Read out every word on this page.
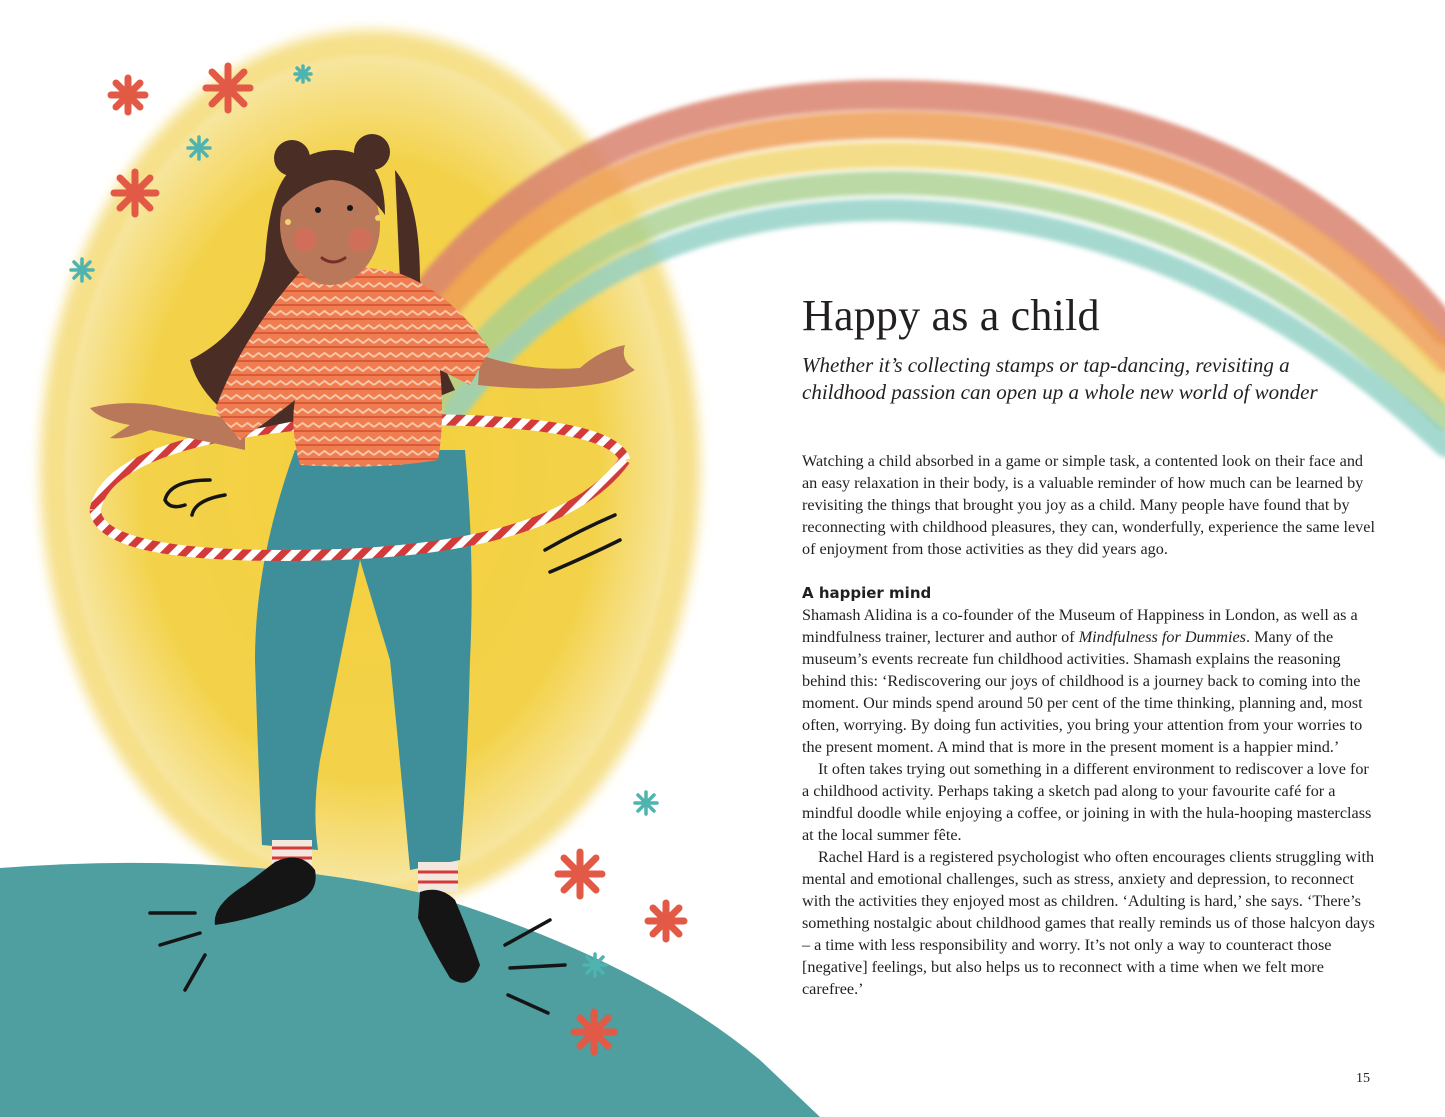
Happy as a child

Whether it’s collecting stamps or tap-dancing, revisiting a childhood passion can open up a whole new world of wonder

Watching a child absorbed in a game or simple task, a contented look on their face and an easy relaxation in their body, is a valuable reminder of how much can be learned by revisiting the things that brought you joy as a child. Many people have found that by reconnecting with childhood pleasures, they can, wonderfully, experience the same level of enjoyment from those activities as they did years ago.

A happier mind

Shamash Alidina is a co-founder of the Museum of Happiness in London, as well as a mindfulness trainer, lecturer and author of Mindfulness for Dummies. Many of the museum’s events recreate fun childhood activities. Shamash explains the reasoning behind this: ‘Rediscovering our joys of childhood is a journey back to coming into the moment. Our minds spend around 50 per cent of the time thinking, planning and, most often, worrying. By doing fun activities, you bring your attention from your worries to the present moment. A mind that is more in the present moment is a happier mind.’

It often takes trying out something in a different environment to rediscover a love for a childhood activity. Perhaps taking a sketch pad along to your favourite café for a mindful doodle while enjoying a coffee, or joining in with the hula-hooping masterclass at the local summer fête.

Rachel Hard is a registered psychologist who often encourages clients struggling with mental and emotional challenges, such as stress, anxiety and depression, to reconnect with the activities they enjoyed most as children. ‘Adulting is hard,’ she says. ‘There’s something nostalgic about childhood games that really reminds us of those halcyon days – a time with less responsibility and worry. It’s not only a way to counteract those [negative] feelings, but also helps us to reconnect with a time when we felt more carefree.’

15
